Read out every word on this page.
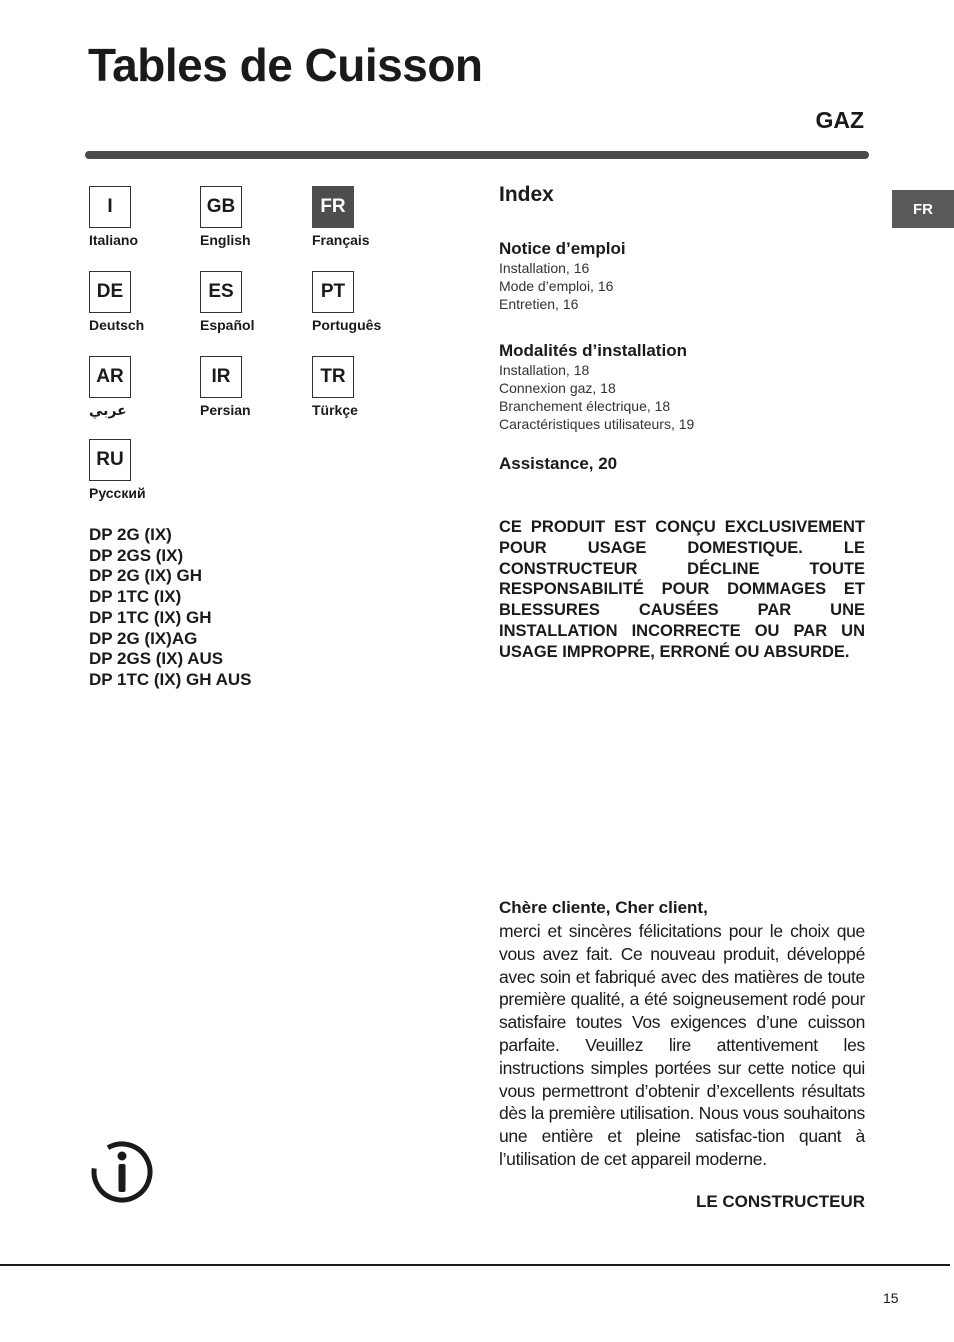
Tables de Cuisson
GAZ
FR
I
Italiano
GB
English
FR
Français
DE
Deutsch
ES
Español
PT
Português
AR
عربي
IR
Persian
TR
Türkçe
RU
Русский
DP 2G (IX)
DP 2GS (IX)
DP 2G (IX) GH
DP 1TC (IX)
DP 1TC (IX) GH
DP 2G (IX)AG
DP 2GS (IX) AUS
DP 1TC (IX) GH AUS
Index
Notice d’emploi
Installation, 16
Mode d’emploi, 16
Entretien, 16
Modalités d’installation
Installation, 18
Connexion gaz, 18
Branchement électrique, 18
Caractéristiques utilisateurs, 19
Assistance, 20
CE PRODUIT EST CONÇU EXCLUSIVEMENT POUR USAGE DOMESTIQUE. LE CONSTRUCTEUR DÉCLINE TOUTE RESPONSABILITÉ POUR DOMMAGES ET BLESSURES CAUSÉES PAR UNE INSTALLATION INCORRECTE OU PAR UN USAGE IMPROPRE, ERRONÉ OU ABSURDE.
Chère cliente, Cher client,
merci et sincères félicitations pour le choix que vous avez fait. Ce nouveau produit, développé avec soin et fabriqué avec des matières de toute première qualité, a été soigneusement rodé pour satisfaire toutes Vos exigences d’une cuisson parfaite. Veuillez lire attentivement les instructions simples portées sur cette notice qui vous permettront d’obtenir d’excellents résultats dès la première utilisation. Nous vous souhaitons une entière et pleine satisfac-tion quant à l’utilisation de cet appareil moderne.
LE CONSTRUCTEUR
15
